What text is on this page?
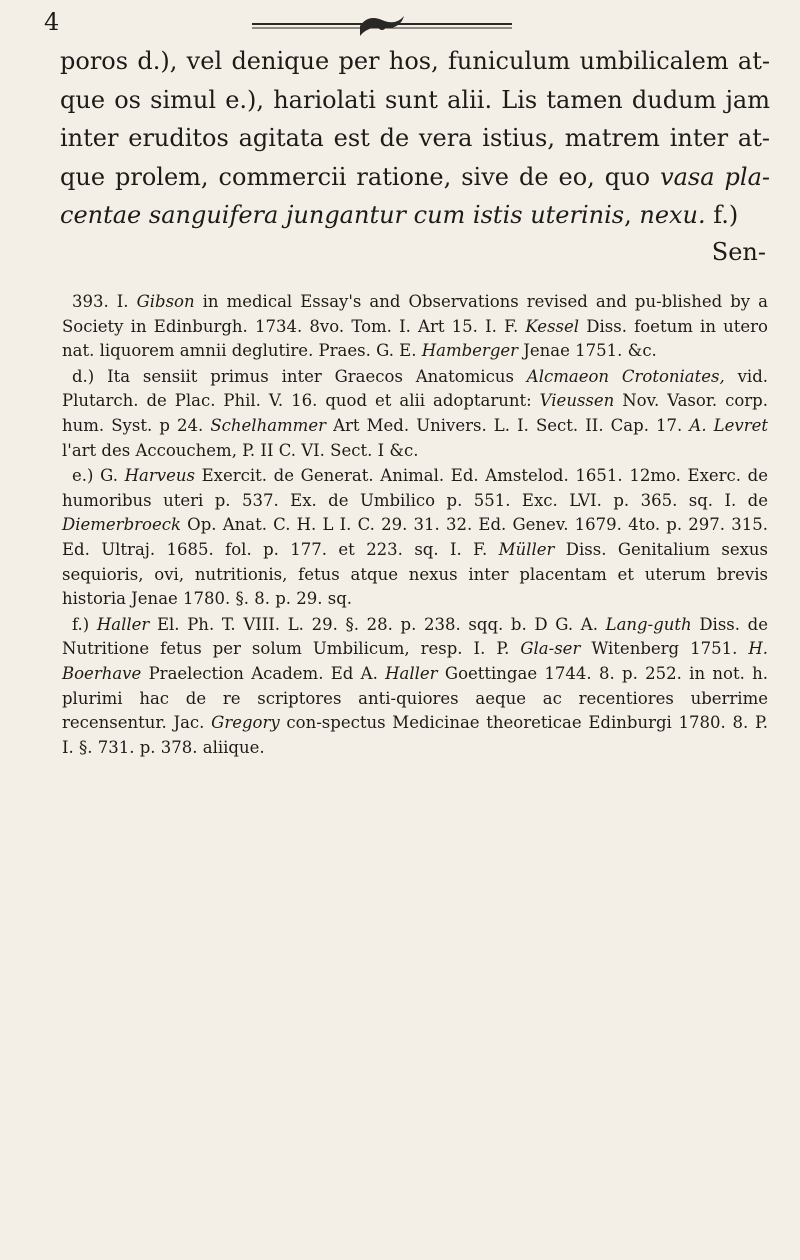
4

poros d.), vel denique per hos, funiculum umbilicalem at-que os simul e.), hariolati sunt alii. Lis tamen dudum jam inter eruditos agitata est de vera istius, matrem inter at-que prolem, commercii ratione, sive de eo, quo vasa pla-centae sanguifera jungantur cum istis uterinis, nexu. f.)

Sen-

393. I. Gibson in medical Essay's and Observations revised and pu-blished by a Society in Edinburgh. 1734. 8vo. Tom. I. Art 15. I. F. Kessel Diss. foetum in utero nat. liquorem amnii deglutire. Praes. G. E. Hamberger Jenae 1751. &c.

d.) Ita sensiit primus inter Graecos Anatomicus Alcmaeon Crotoniates, vid. Plutarch. de Plac. Phil. V. 16. quod et alii adoptarunt: Vieussen Nov. Vasor. corp. hum. Syst. p 24. Schelhammer Art Med. Univers. L. I. Sect. II. Cap. 17. A. Levret l'art des Accouchem, P. II C. VI. Sect. I &c.

e.) G. Harveus Exercit. de Generat. Animal. Ed. Amstelod. 1651. 12mo. Exerc. de humoribus uteri p. 537. Ex. de Umbilico p. 551. Exc. LVI. p. 365. sq. I. de Diemerbroeck Op. Anat. C. H. L I. C. 29. 31. 32. Ed. Genev. 1679. 4to. p. 297. 315. Ed. Ultraj. 1685. fol. p. 177. et 223. sq. I. F. Müller Diss. Genitalium sexus sequioris, ovi, nutritionis, fetus atque nexus inter placentam et uterum brevis historia Jenae 1780. §. 8. p. 29. sq.

f.) Haller El. Ph. T. VIII. L. 29. §. 28. p. 238. sqq. b. D G. A. Lang-guth Diss. de Nutritione fetus per solum Umbilicum, resp. I. P. Gla-ser Witenberg 1751. H. Boerhave Praelection Academ. Ed A. Haller Goettingae 1744. 8. p. 252. in not. h. plurimi hac de re scriptores anti-quiores aeque ac recentiores uberrime recensentur. Jac. Gregory con-spectus Medicinae theoreticae Edinburgi 1780. 8. P. I. §. 731. p. 378. aliique.
